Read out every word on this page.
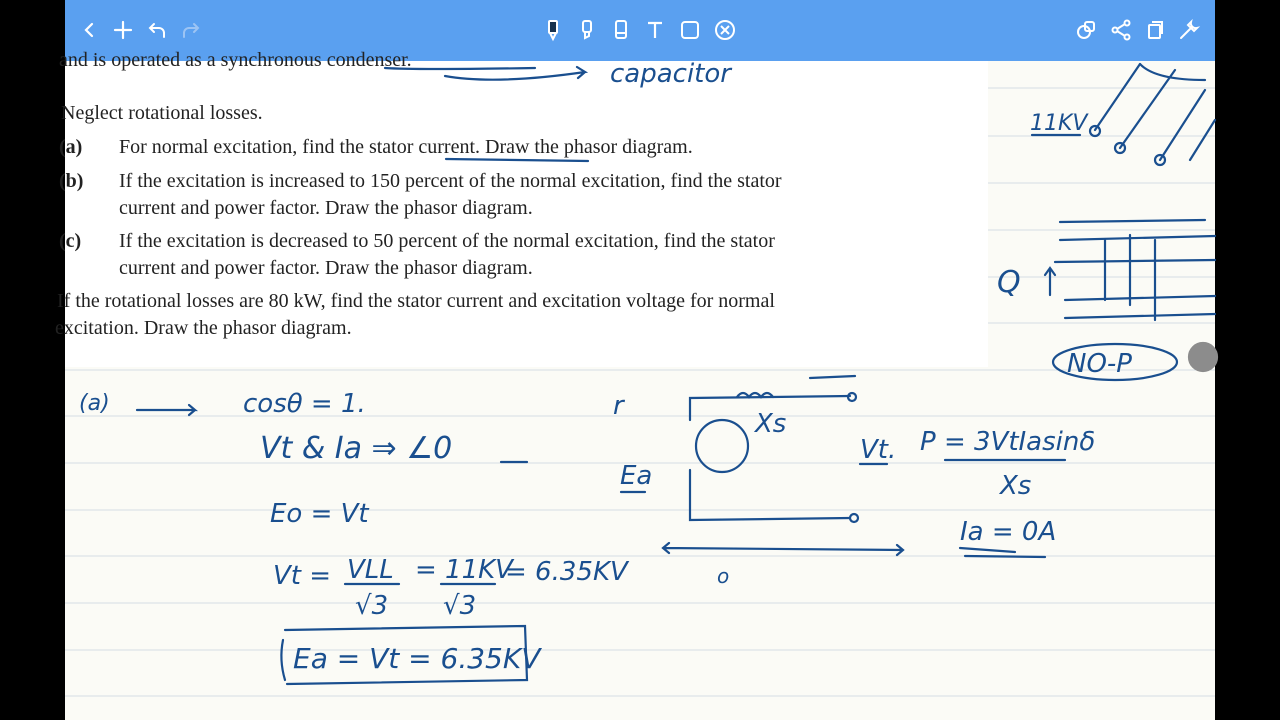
and is operated as a synchronous condenser.

Neglect rotational losses.

(a) For normal excitation, find the stator current. Draw the phasor diagram.

(b) If the excitation is increased to 150 percent of the normal excitation, find the stator

current and power factor. Draw the phasor diagram.

(c) If the excitation is decreased to 50 percent of the normal excitation, find the stator

current and power factor. Draw the phasor diagram.

If the rotational losses are 80 kW, find the stator current and excitation voltage for normal

excitation. Draw the phasor diagram.

capacitor
(a)	cosθ = 1.
Vt & Ia ⇒ ∠0
Eo = Vt
Vt = VLL
√3
= 11KV
√3
= 6.35KV
Ea = Vt = 6.35KV
r
Xs
Ea
o
Vt. P = 3VtIasinδ
Xs
Ia = 0A
11KV
Q
NO-P
